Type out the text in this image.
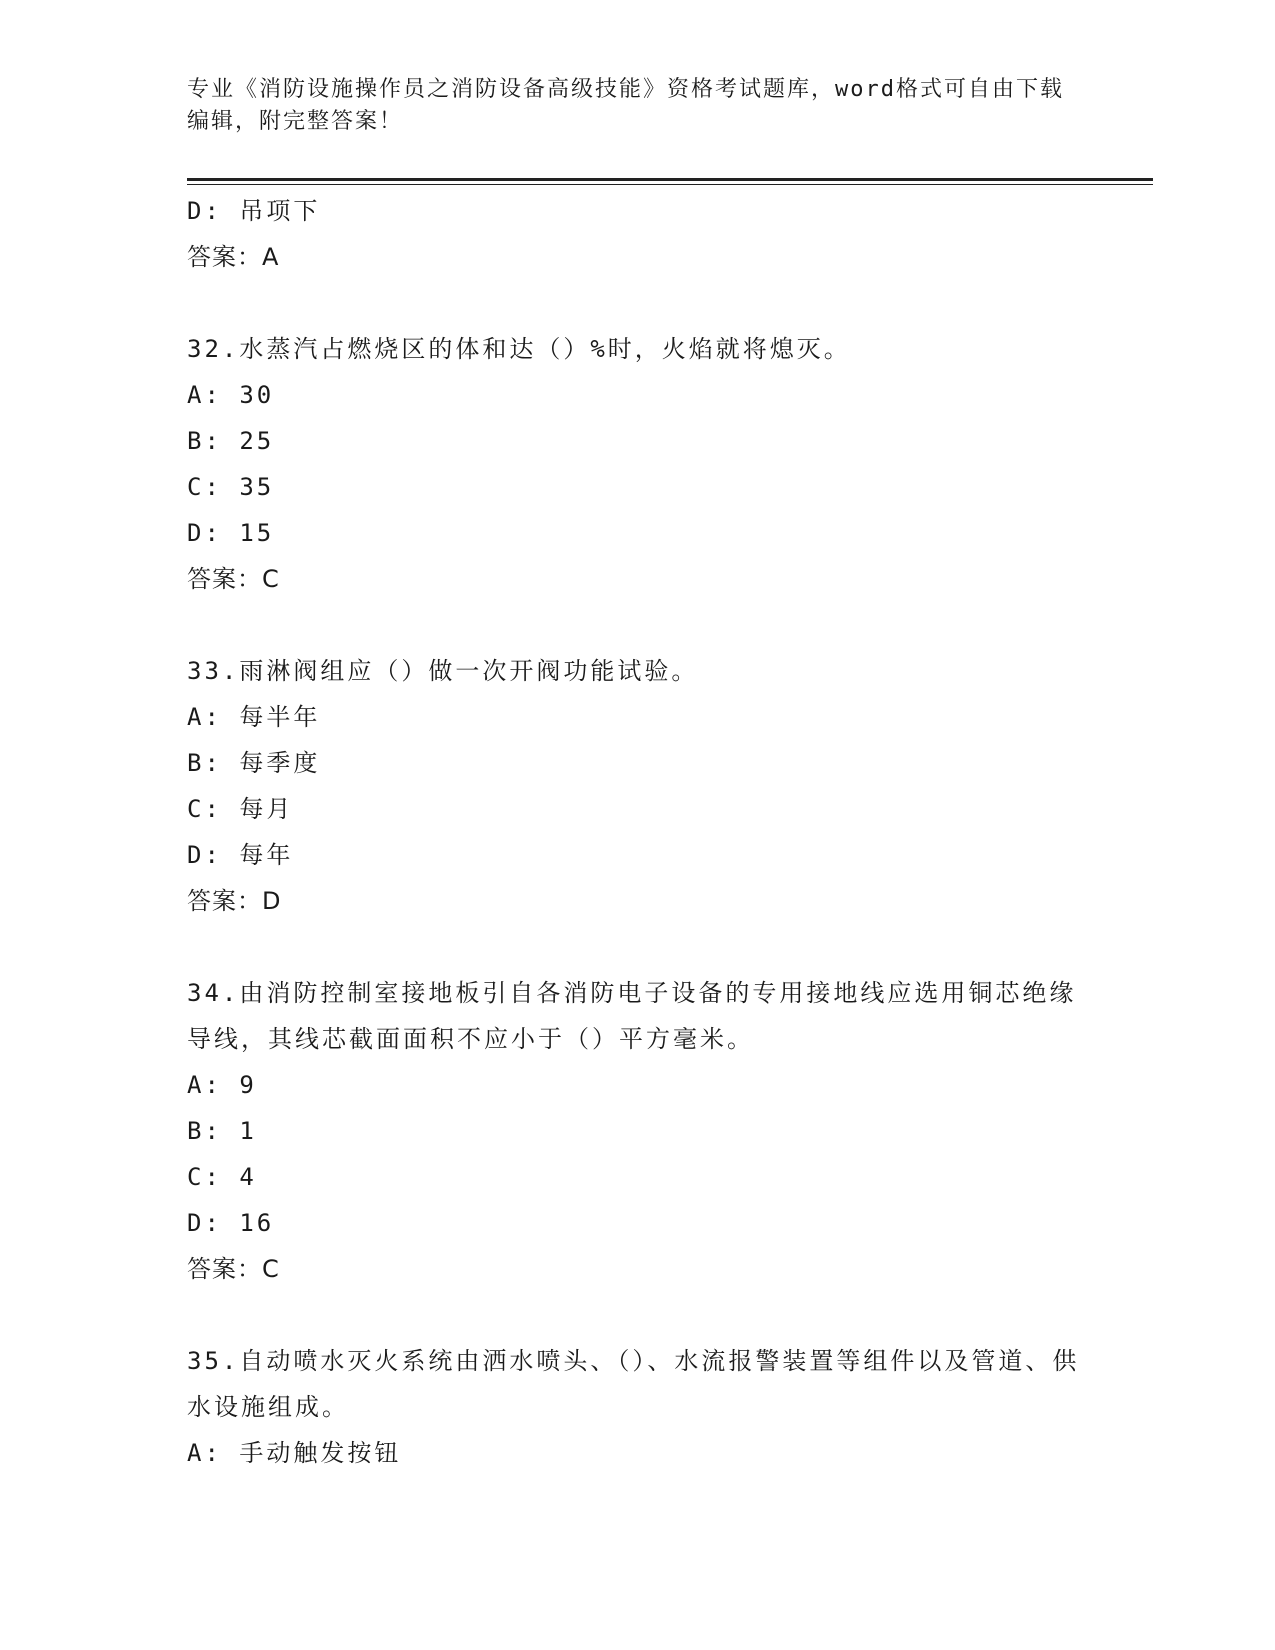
专业《消防设施操作员之消防设备高级技能》资格考试题库，word格式可自由下载编辑，附完整答案！
D: 吊项下
答案：A
32.水蒸汽占燃烧区的体和达（）%时，火焰就将熄灭。
A: 30
B: 25
C: 35
D: 15
答案：C
33.雨淋阀组应（）做一次开阀功能试验。
A: 每半年
B: 每季度
C: 每月
D: 每年
答案：D
34.由消防控制室接地板引自各消防电子设备的专用接地线应选用铜芯绝缘导线，其线芯截面面积不应小于（）平方毫米。
A: 9
B: 1
C: 4
D: 16
答案：C
35.自动喷水灭火系统由洒水喷头、（）、水流报警装置等组件以及管道、供水设施组成。
A: 手动触发按钮
